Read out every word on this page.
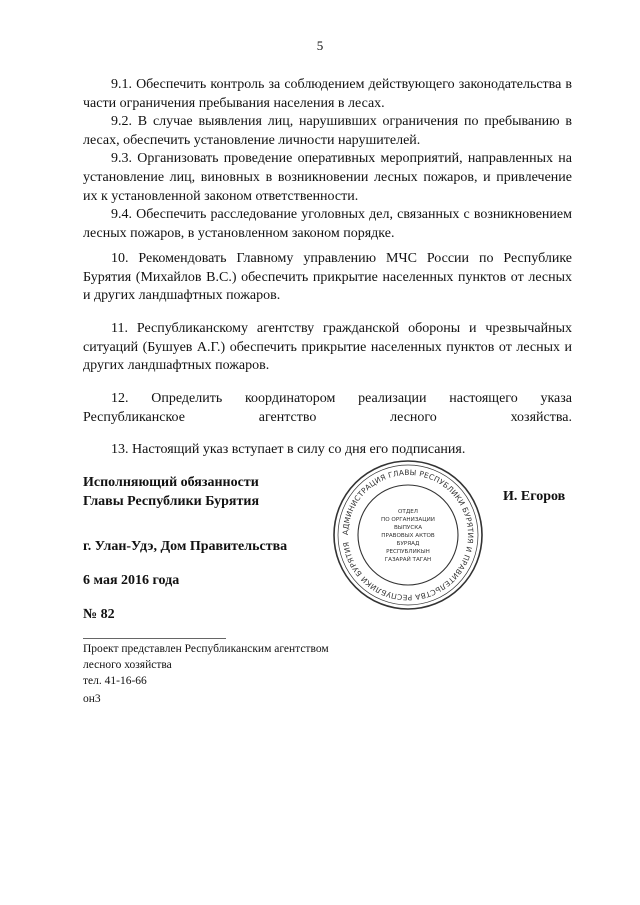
5

9.1. Обеспечить контроль за соблюдением действующего законодательства в части ограничения пребывания населения в лесах.

9.2. В случае выявления лиц, нарушивших ограничения по пребыванию в лесах, обеспечить установление личности нарушителей.

9.3. Организовать проведение оперативных мероприятий, направленных на установление лиц, виновных в возникновении лесных пожаров, и привлечение их к установленной законом ответственности.

9.4. Обеспечить расследование уголовных дел, связанных с возникновением лесных пожаров, в установленном законом порядке.

10. Рекомендовать Главному управлению МЧС России по Республике Бурятия (Михайлов В.С.) обеспечить прикрытие населенных пунктов от лесных и других ландшафтных пожаров.

11. Республиканскому агентству гражданской обороны и чрезвычайных ситуаций (Бушуев А.Г.) обеспечить прикрытие населенных пунктов от лесных и других ландшафтных пожаров.

12. Определить координатором реализации настоящего указа Республиканское агентство лесного хозяйства.

13. Настоящий указ вступает в силу со дня его подписания.

Исполняющий обязанности
Главы Республики Бурятия	И. Егоров
АДМИНИСТРАЦИЯ ГЛАВЫ РЕСПУБЛИКИ БУРЯТИЯ И ПРАВИТЕЛЬСТВА РЕСПУБЛИКИ БУРЯТИЯ
ОТДЕЛ
ПО ОРГАНИЗАЦИИ
ВЫПУСКА
ПРАВОВЫХ АКТОВ
БУРЯАД
РЕСПУБЛИКЫН
ГАЗАРАЙ ТАГАН
г. Улан-Удэ, Дом Правительства
6 мая 2016 года
№ 82
Проект представлен Республиканским агентством
лесного хозяйства
тел. 41-16-66
он3
